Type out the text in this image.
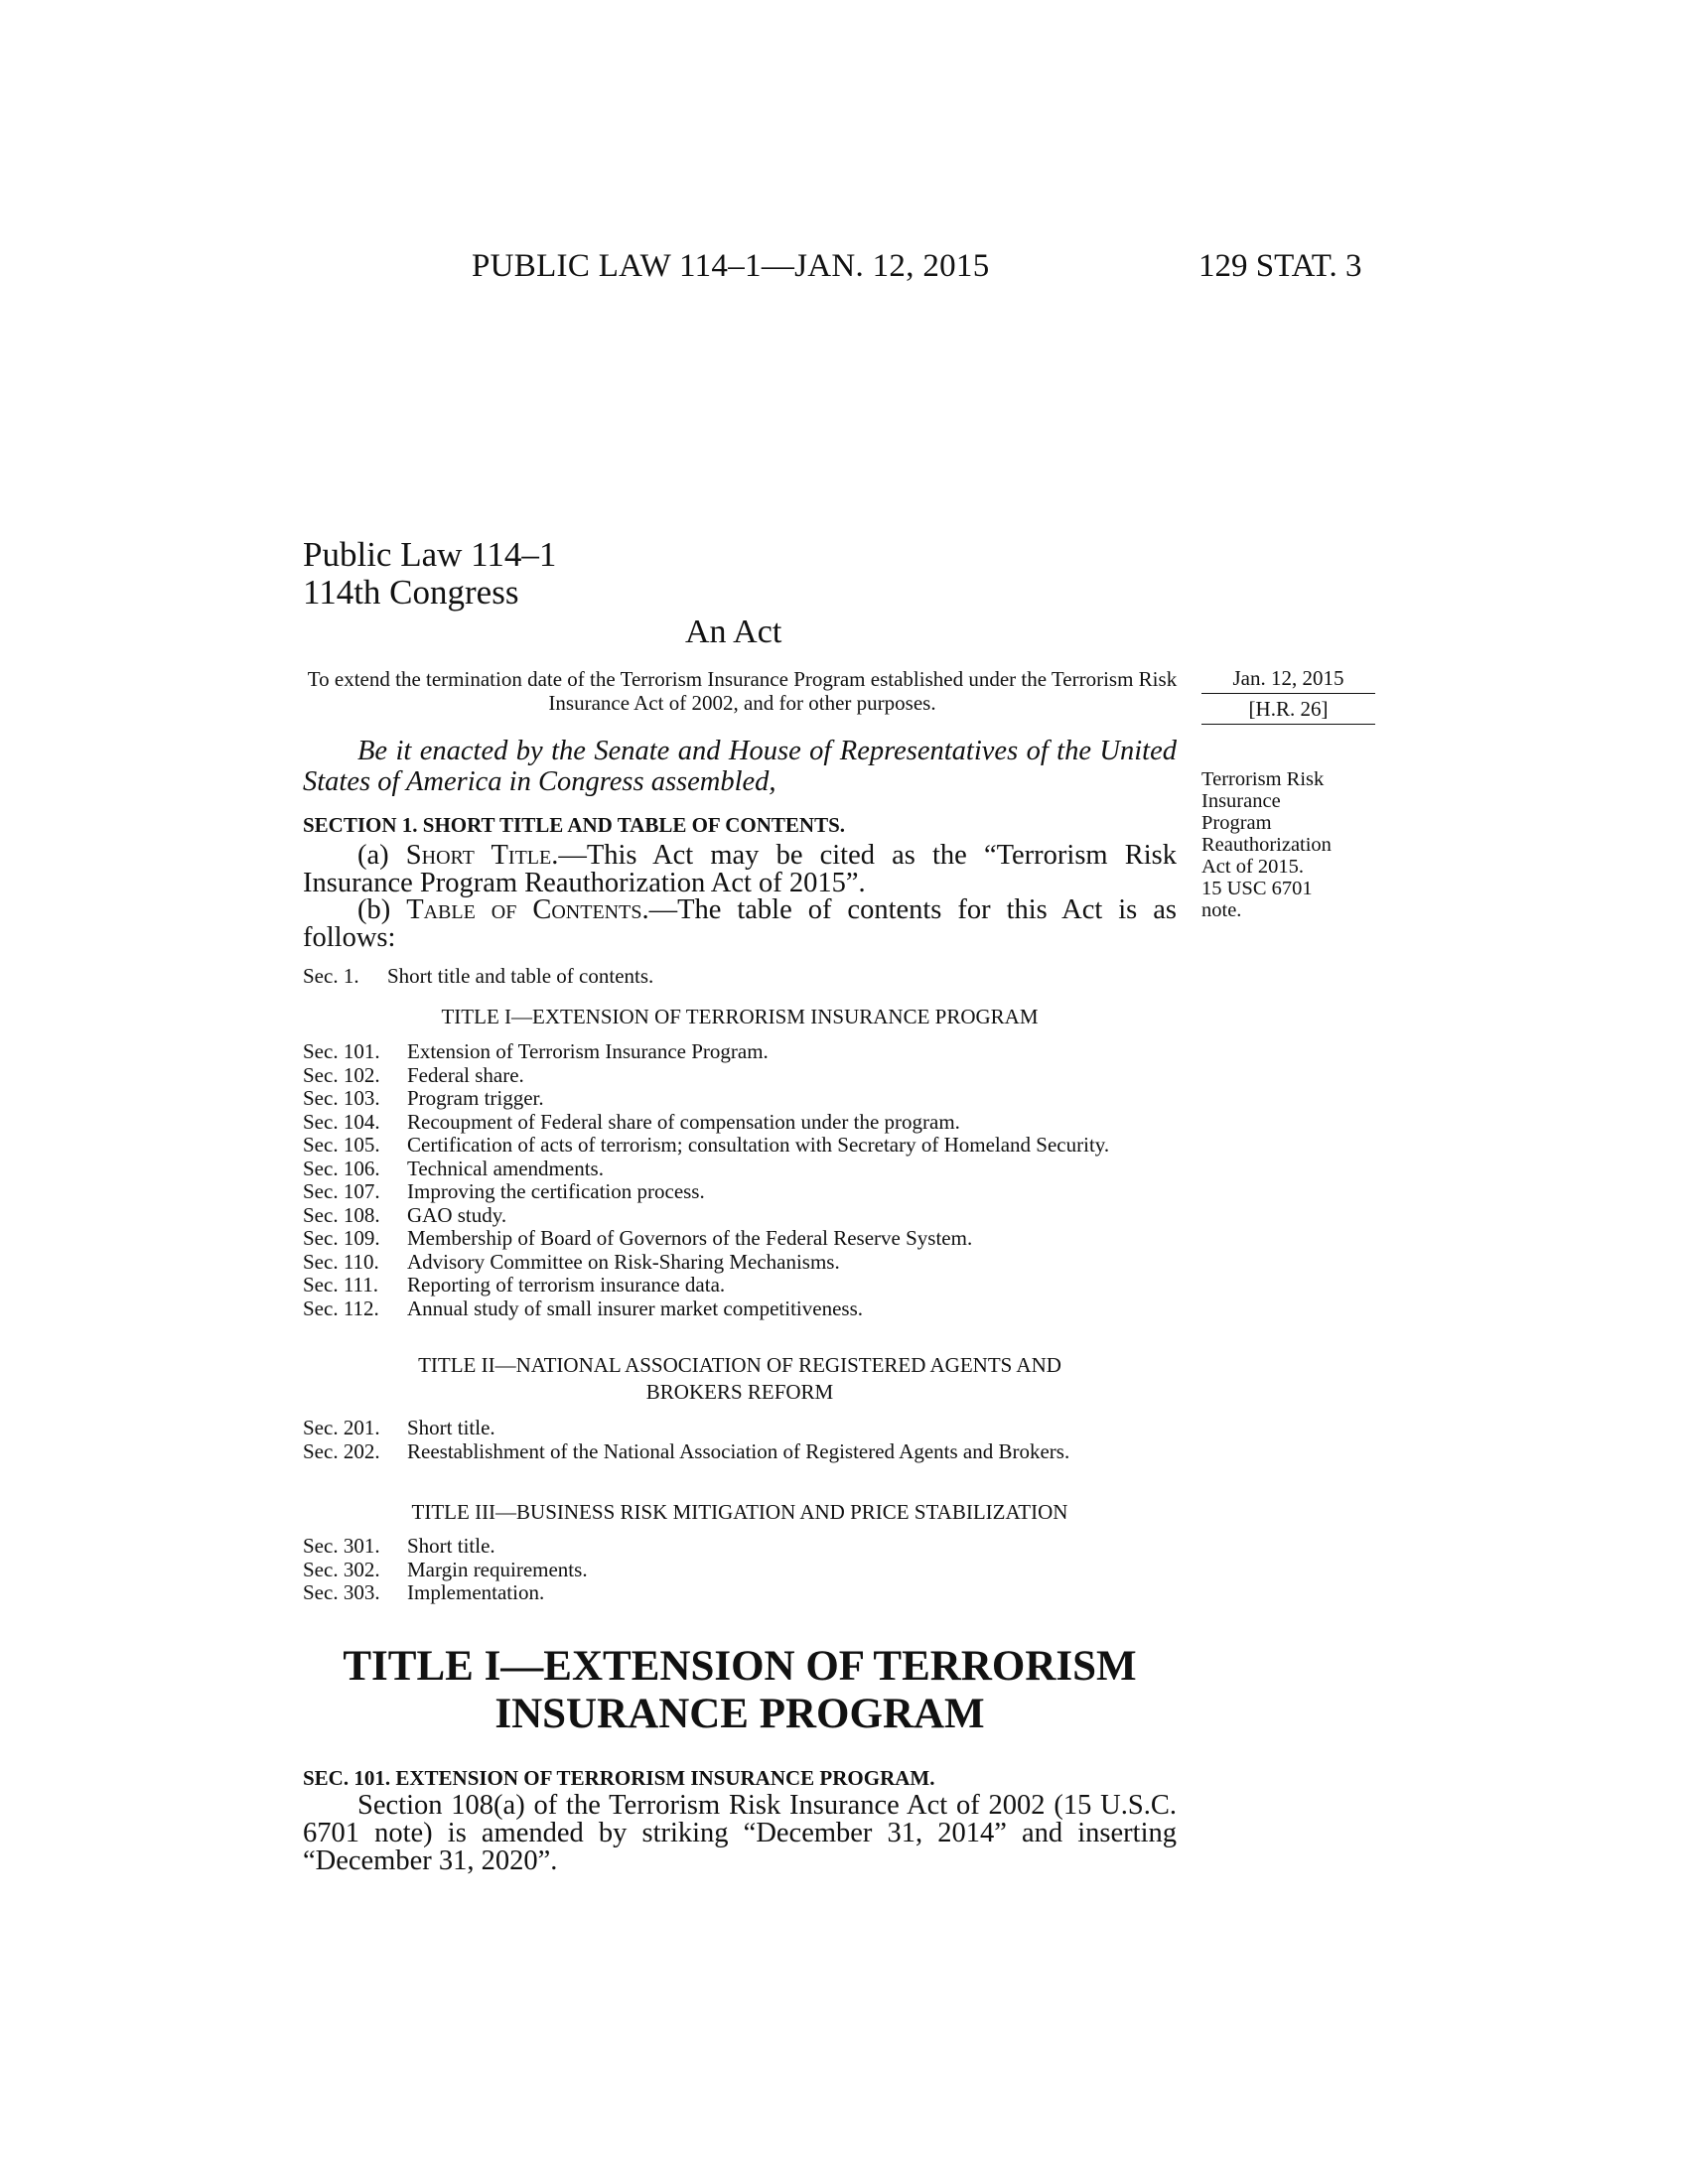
PUBLIC LAW 114–1—JAN. 12, 2015	129 STAT. 3
Public Law 114–1
114th Congress
An Act
To extend the termination date of the Terrorism Insurance Program established under the Terrorism Risk Insurance Act of 2002, and for other purposes.
Jan. 12, 2015
[H.R. 26]
Be it enacted by the Senate and House of Representatives of the United States of America in Congress assembled,
SECTION 1. SHORT TITLE AND TABLE OF CONTENTS.
(a) Short Title.—This Act may be cited as the “Terrorism Risk Insurance Program Reauthorization Act of 2015”.
(b) Table of Contents.—The table of contents for this Act is as follows:
Terrorism Risk
Insurance
Program
Reauthorization
Act of 2015.
15 USC 6701
note.
Sec. 1.	Short title and table of contents.
TITLE I—EXTENSION OF TERRORISM INSURANCE PROGRAM
Sec. 101.	Extension of Terrorism Insurance Program.
Sec. 102.	Federal share.
Sec. 103.	Program trigger.
Sec. 104.	Recoupment of Federal share of compensation under the program.
Sec. 105.	Certification of acts of terrorism; consultation with Secretary of Homeland Security.
Sec. 106.	Technical amendments.
Sec. 107.	Improving the certification process.
Sec. 108.	GAO study.
Sec. 109.	Membership of Board of Governors of the Federal Reserve System.
Sec. 110.	Advisory Committee on Risk-Sharing Mechanisms.
Sec. 111.	Reporting of terrorism insurance data.
Sec. 112.	Annual study of small insurer market competitiveness.
TITLE II—NATIONAL ASSOCIATION OF REGISTERED AGENTS AND
BROKERS REFORM
Sec. 201.	Short title.
Sec. 202.	Reestablishment of the National Association of Registered Agents and Brokers.
TITLE III—BUSINESS RISK MITIGATION AND PRICE STABILIZATION
Sec. 301.	Short title.
Sec. 302.	Margin requirements.
Sec. 303.	Implementation.
TITLE I—EXTENSION OF TERRORISM
INSURANCE PROGRAM
SEC. 101. EXTENSION OF TERRORISM INSURANCE PROGRAM.
Section 108(a) of the Terrorism Risk Insurance Act of 2002 (15 U.S.C. 6701 note) is amended by striking “December 31, 2014” and inserting “December 31, 2020”.
